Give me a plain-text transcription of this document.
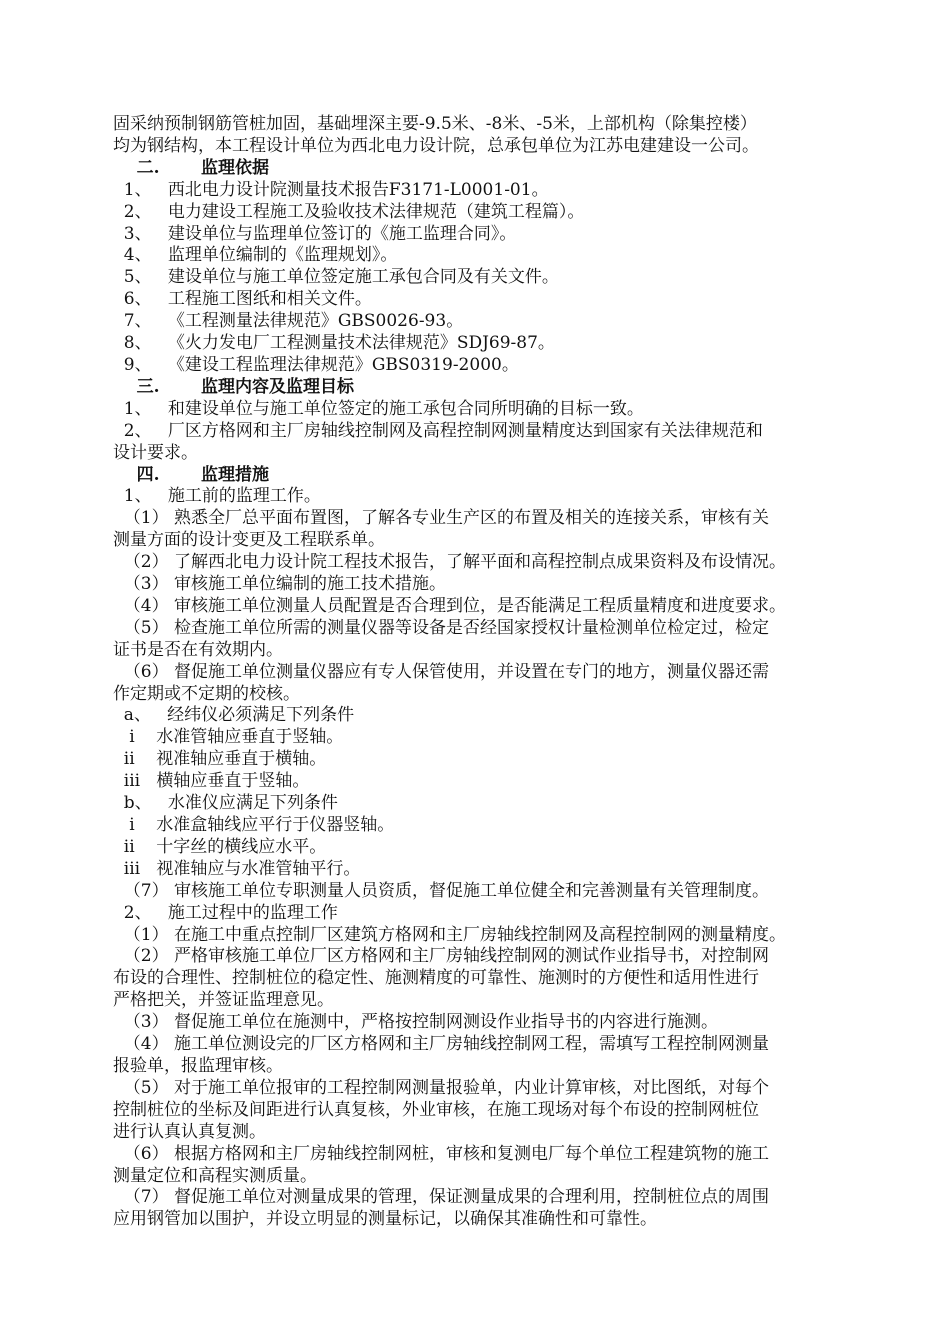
固采纳预制钢筋管桩加固，基础埋深主要-9.5米、-8米、-5米，上部机构（除集控楼）
均为钢结构，本工程设计单位为西北电力设计院，总承包单位为江苏电建建设一公司。
二.       监理依据
1、   西北电力设计院测量技术报告F3171-L0001-01。
2、   电力建设工程施工及验收技术法律规范（建筑工程篇）。
3、   建设单位与监理单位签订的《施工监理合同》。
4、   监理单位编制的《监理规划》。
5、   建设单位与施工单位签定施工承包合同及有关文件。
6、   工程施工图纸和相关文件。
7、   《工程测量法律规范》GBS0026-93。
8、   《火力发电厂工程测量技术法律规范》SDJ69-87。
9、   《建设工程监理法律规范》GBS0319-2000。
三.       监理内容及监理目标
1、   和建设单位与施工单位签定的施工承包合同所明确的目标一致。
2、   厂区方格网和主厂房轴线控制网及高程控制网测量精度达到国家有关法律规范和
设计要求。
四.       监理措施
1、   施工前的监理工作。
（1） 熟悉全厂总平面布置图，了解各专业生产区的布置及相关的连接关系，审核有关
测量方面的设计变更及工程联系单。
（2） 了解西北电力设计院工程技术报告，了解平面和高程控制点成果资料及布设情况。
（3） 审核施工单位编制的施工技术措施。
（4） 审核施工单位测量人员配置是否合理到位，是否能满足工程质量精度和进度要求。
（5） 检查施工单位所需的测量仪器等设备是否经国家授权计量检测单位检定过，检定
证书是否在有效期内。
（6） 督促施工单位测量仪器应有专人保管使用，并设置在专门的地方，测量仪器还需
作定期或不定期的校核。
a、   经纬仪必须满足下列条件
i    水准管轴应垂直于竖轴。
ii    视准轴应垂直于横轴。
iii   横轴应垂直于竖轴。
b、   水准仪应满足下列条件
i    水准盒轴线应平行于仪器竖轴。
ii    十字丝的横线应水平。
iii   视准轴应与水准管轴平行。
（7） 审核施工单位专职测量人员资质，督促施工单位健全和完善测量有关管理制度。
2、   施工过程中的监理工作
（1） 在施工中重点控制厂区建筑方格网和主厂房轴线控制网及高程控制网的测量精度。
（2） 严格审核施工单位厂区方格网和主厂房轴线控制网的测试作业指导书，对控制网
布设的合理性、控制桩位的稳定性、施测精度的可靠性、施测时的方便性和适用性进行
严格把关，并签证监理意见。
（3） 督促施工单位在施测中，严格按控制网测设作业指导书的内容进行施测。
（4） 施工单位测设完的厂区方格网和主厂房轴线控制网工程，需填写工程控制网测量
报验单，报监理审核。
（5） 对于施工单位报审的工程控制网测量报验单，内业计算审核，对比图纸，对每个
控制桩位的坐标及间距进行认真复核，外业审核，在施工现场对每个布设的控制网桩位
进行认真认真复测。
（6） 根据方格网和主厂房轴线控制网桩，审核和复测电厂每个单位工程建筑物的施工
测量定位和高程实测质量。
（7） 督促施工单位对测量成果的管理，保证测量成果的合理利用，控制桩位点的周围
应用钢管加以围护，并设立明显的测量标记，以确保其准确性和可靠性。
